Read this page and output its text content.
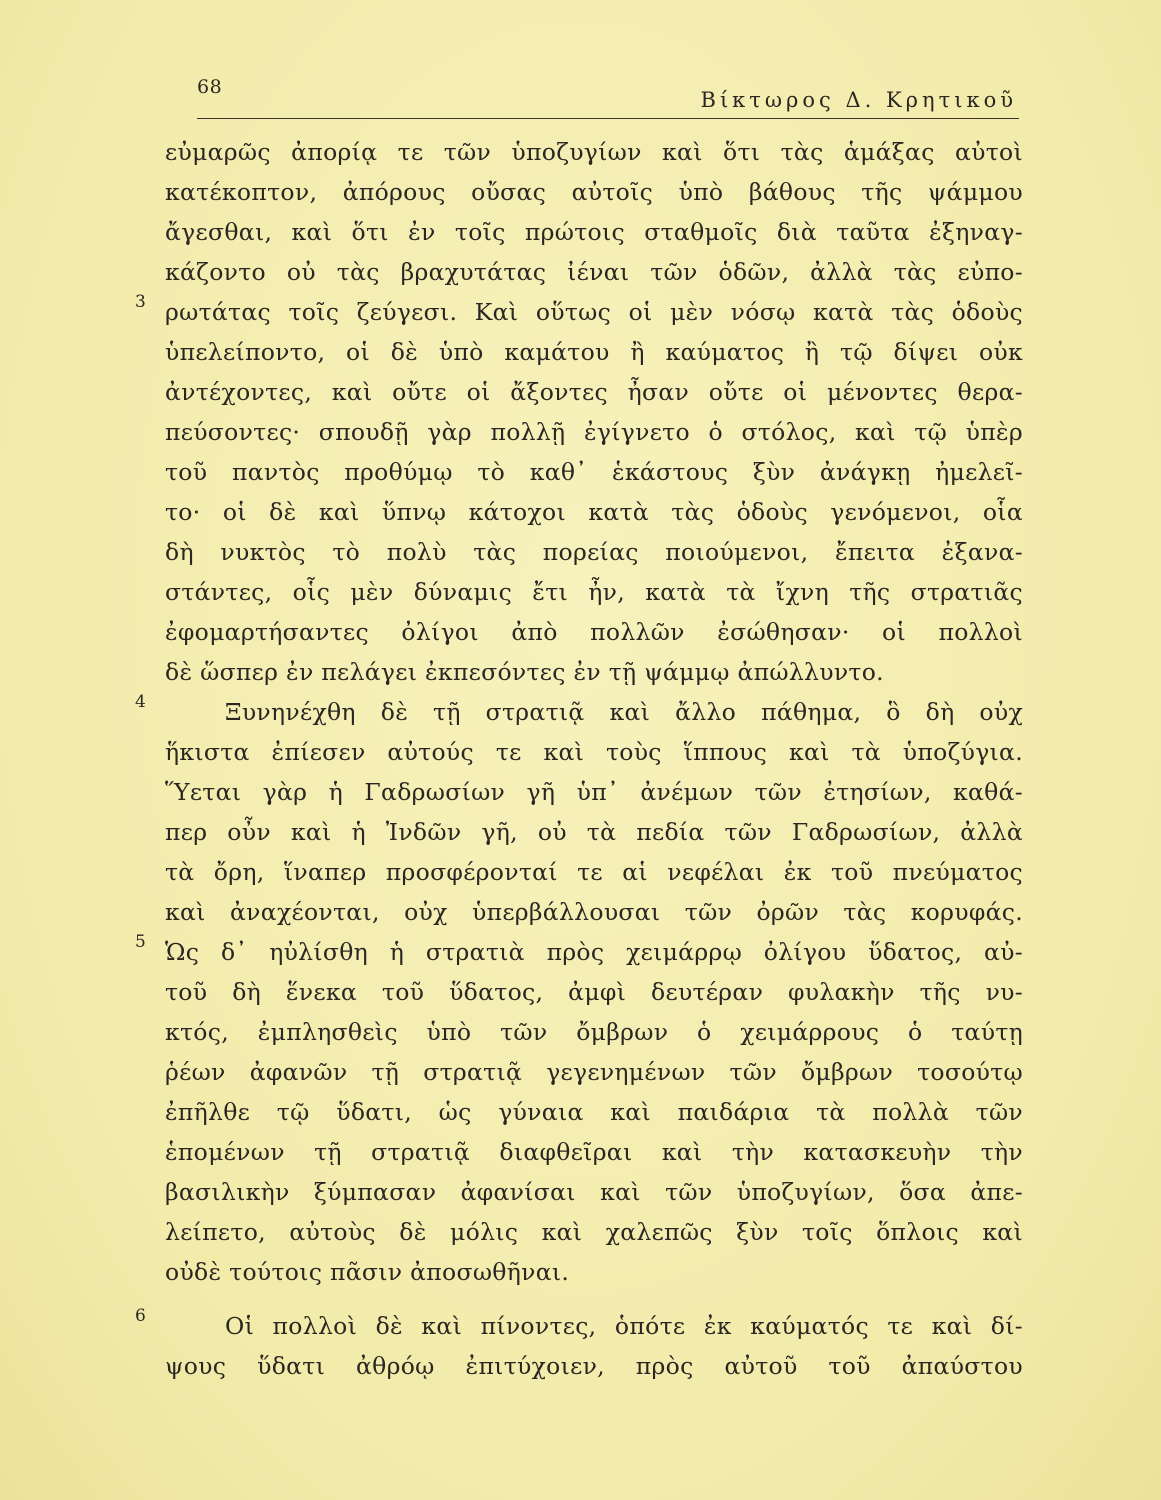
68
Βίκτωρος Δ. Κρητικοῦ
εὐμαρῶς ἀπορίᾳ τε τῶν ὑποζυγίων καὶ ὅτι τὰς ἁμάξας αὐτοὶ
κατέκοπτον, ἀπόρους οὔσας αὐτοῖς ὑπὸ βάθους τῆς ψάμμου
ἄγεσθαι, καὶ ὅτι ἐν τοῖς πρώτοις σταθμοῖς διὰ ταῦτα ἐξηναγ-
κάζοντο οὐ τὰς βραχυτάτας ἰέναι τῶν ὁδῶν, ἀλλὰ τὰς εὐπο-
3 ρωτάτας τοῖς ζεύγεσι. Καὶ οὕτως οἱ μὲν νόσῳ κατὰ τὰς ὁδοὺς
ὑπελείποντο, οἱ δὲ ὑπὸ καμάτου ἢ καύματος ἢ τῷ δίψει οὐκ
ἀντέχοντες, καὶ οὔτε οἱ ἄξοντες ἦσαν οὔτε οἱ μένοντες θερα-
πεύσοντες· σπουδῇ γὰρ πολλῇ ἐγίγνετο ὁ στόλος, καὶ τῷ ὑπὲρ
τοῦ παντὸς προθύμῳ τὸ καθ᾽ ἑκάστους ξὺν ἀνάγκῃ ἠμελεῖ-
το· οἱ δὲ καὶ ὕπνῳ κάτοχοι κατὰ τὰς ὁδοὺς γενόμενοι, οἷα
δὴ νυκτὸς τὸ πολὺ τὰς πορείας ποιούμενοι, ἔπειτα ἐξανα-
στάντες, οἷς μὲν δύναμις ἔτι ἦν, κατὰ τὰ ἴχνη τῆς στρατιᾶς
ἐφομαρτήσαντες ὀλίγοι ἀπὸ πολλῶν ἐσώθησαν· οἱ πολλοὶ
δὲ ὥσπερ ἐν πελάγει ἐκπεσόντες ἐν τῇ ψάμμῳ ἀπώλλυντο.
4	Ξυνηνέχθη δὲ τῇ στρατιᾷ καὶ ἄλλο πάθημα, ὃ δὴ οὐχ
ἥκιστα ἐπίεσεν αὐτούς τε καὶ τοὺς ἵππους καὶ τὰ ὑποζύγια.
Ὕεται γὰρ ἡ Γαδρωσίων γῆ ὑπ᾽ ἀνέμων τῶν ἐτησίων, καθά-
περ οὖν καὶ ἡ Ἰνδῶν γῆ, οὐ τὰ πεδία τῶν Γαδρωσίων, ἀλλὰ
τὰ ὄρη, ἵναπερ προσφέρονταί τε αἱ νεφέλαι ἐκ τοῦ πνεύματος
καὶ ἀναχέονται, οὐχ ὑπερβάλλουσαι τῶν ὀρῶν τὰς κορυφάς.
5 Ὡς δ᾽ ηὐλίσθη ἡ στρατιὰ πρὸς χειμάρρῳ ὀλίγου ὕδατος, αὐ-
τοῦ δὴ ἕνεκα τοῦ ὕδατος, ἀμφὶ δευτέραν φυλακὴν τῆς νυ-
κτός, ἐμπλησθεὶς ὑπὸ τῶν ὄμβρων ὁ χειμάρρους ὁ ταύτῃ
ῥέων ἀφανῶν τῇ στρατιᾷ γεγενημένων τῶν ὄμβρων τοσούτῳ
ἐπῆλθε τῷ ὕδατι, ὡς γύναια καὶ παιδάρια τὰ πολλὰ τῶν
ἑπομένων τῇ στρατιᾷ διαφθεῖραι καὶ τὴν κατασκευὴν τὴν
βασιλικὴν ξύμπασαν ἀφανίσαι καὶ τῶν ὑποζυγίων, ὅσα ἀπε-
λείπετο, αὐτοὺς δὲ μόλις καὶ χαλεπῶς ξὺν τοῖς ὅπλοις καὶ
οὐδὲ τούτοις πᾶσιν ἀποσωθῆναι.
6	Οἱ πολλοὶ δὲ καὶ πίνοντες, ὁπότε ἐκ καύματός τε καὶ δί-
ψους ὕδατι ἀθρόῳ ἐπιτύχοιεν, πρὸς αὐτοῦ τοῦ ἀπαύστου
